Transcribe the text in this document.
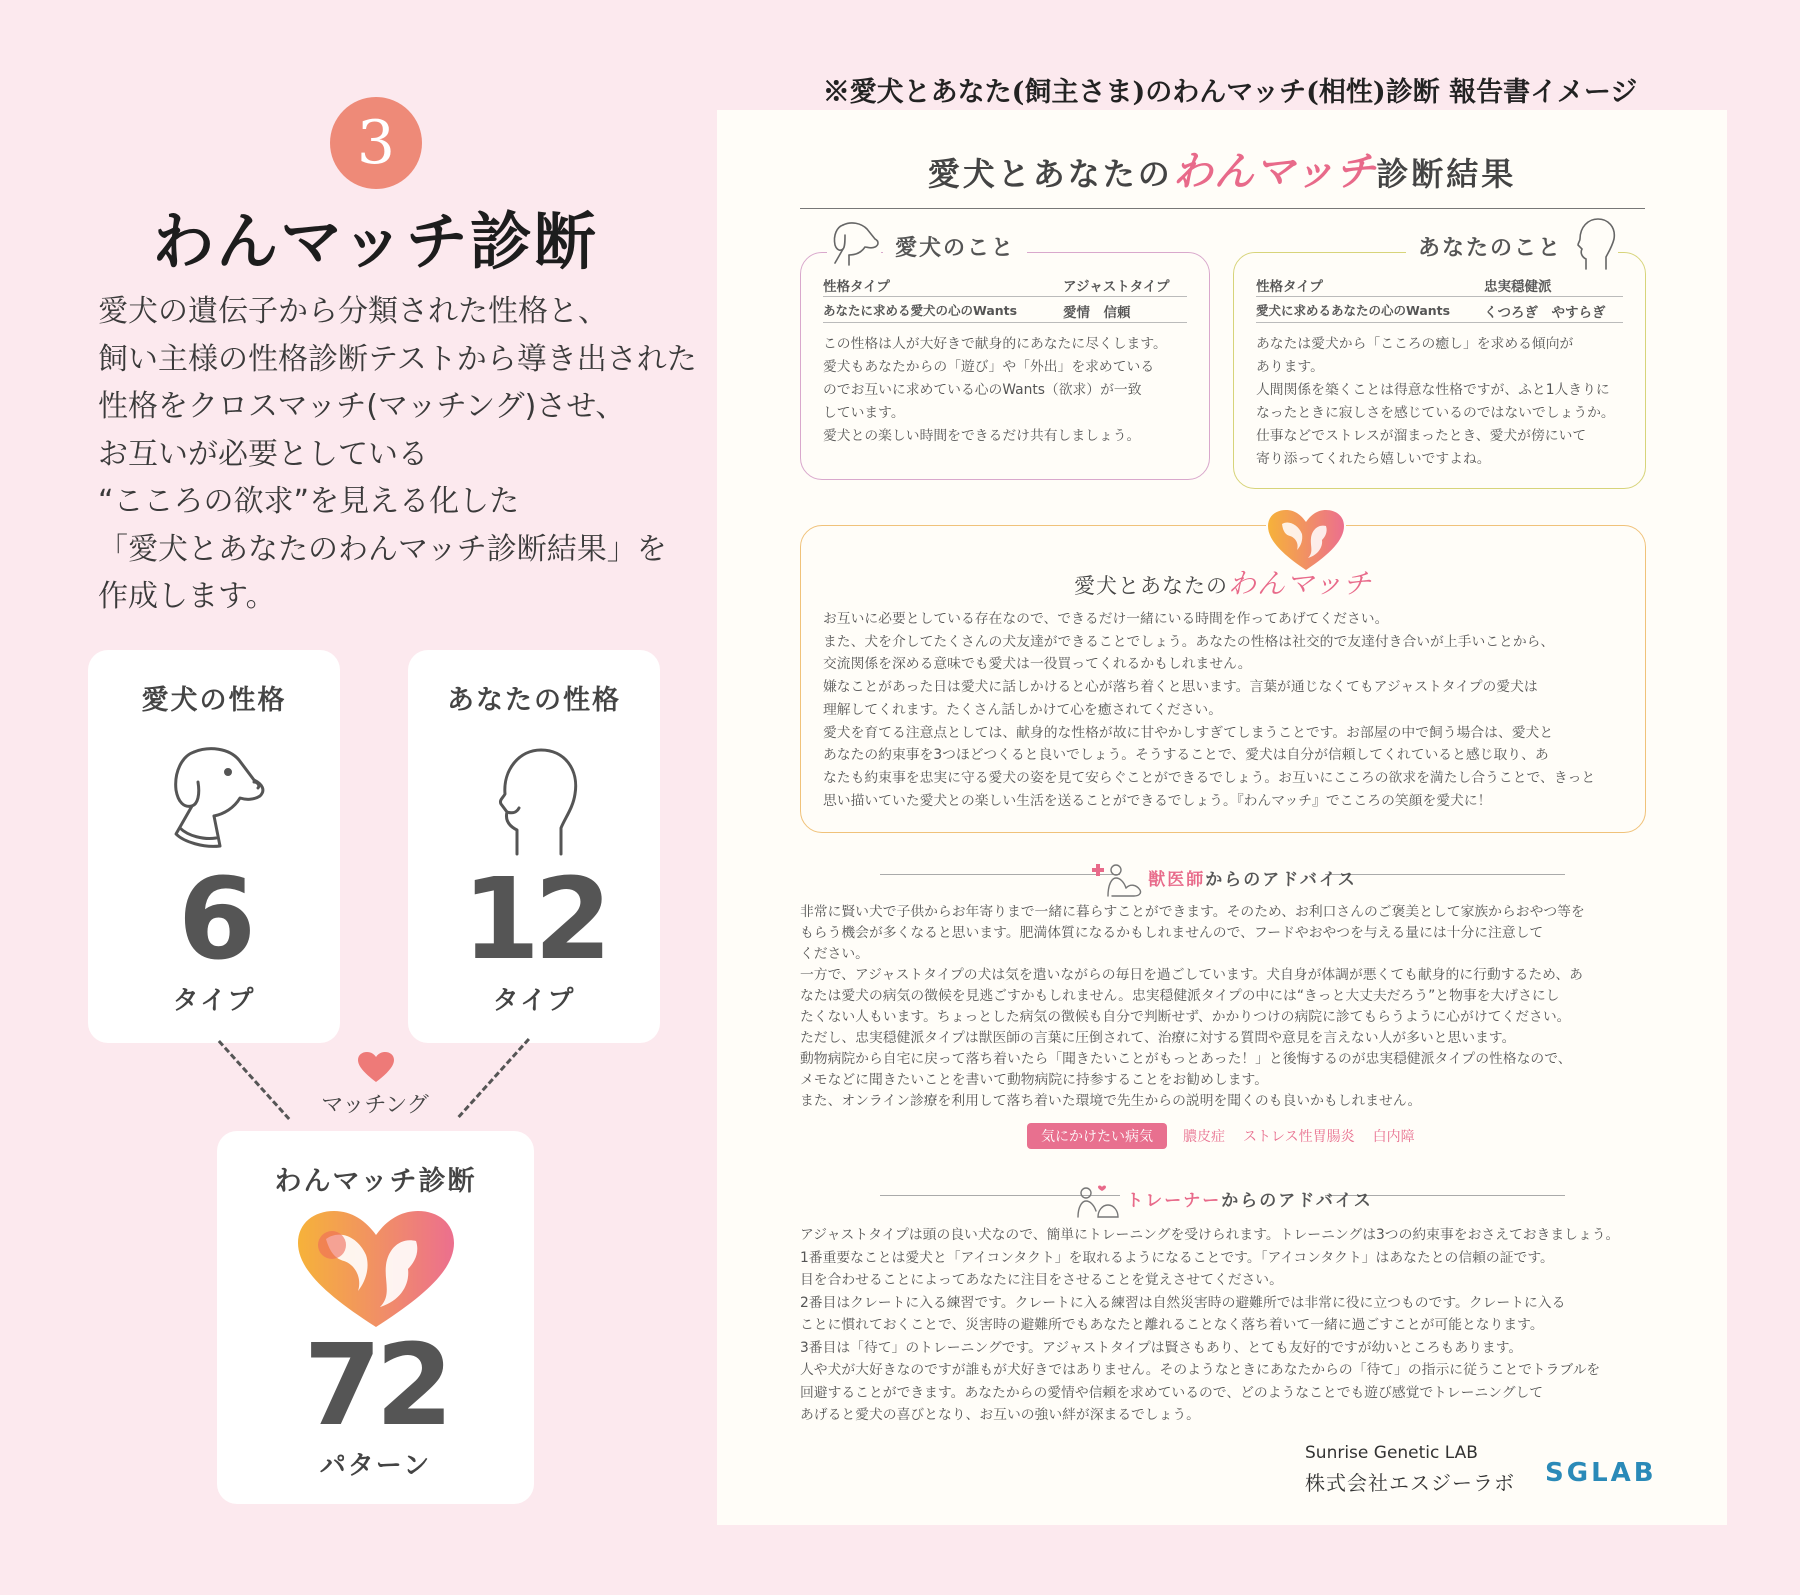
3
わんマッチ診断

愛犬の遺伝子から分類された性格と、

飼い主様の性格診断テストから導き出された

性格をクロスマッチ(マッチング)させ、

お互いが必要としている

“こころの欲求”を見える化した

「愛犬とあなたのわんマッチ診断結果」を

作成します。

愛犬の性格
6
タイプ
あなたの性格
12
タイプ
マッチング
わんマッチ診断
72
パターン
※愛犬とあなた(飼主さま)のわんマッチ(相性)診断 報告書イメージ
愛犬とあなたのわんマッチ診断結果
愛犬のこと
性格タイプ	アジャストタイプ
あなたに求める愛犬の心のWants	愛情　信頼

この性格は人が大好きで献身的にあなたに尽くします。

愛犬もあなたからの「遊び」や「外出」を求めている

のでお互いに求めている心のWants（欲求）が一致

しています。

愛犬との楽しい時間をできるだけ共有しましょう。

あなたのこと
性格タイプ	忠実穏健派
愛犬に求めるあなたの心のWants	くつろぎ　やすらぎ

あなたは愛犬から「こころの癒し」を求める傾向が

あります。

人間関係を築くことは得意な性格ですが、ふと1人きりに

なったときに寂しさを感じているのではないでしょうか。

仕事などでストレスが溜まったとき、愛犬が傍にいて

寄り添ってくれたら嬉しいですよね。

愛犬とあなたのわんマッチ

お互いに必要としている存在なので、できるだけ一緒にいる時間を作ってあげてください。

また、犬を介してたくさんの犬友達ができることでしょう。あなたの性格は社交的で友達付き合いが上手いことから、

交流関係を深める意味でも愛犬は一役買ってくれるかもしれません。

嫌なことがあった日は愛犬に話しかけると心が落ち着くと思います。言葉が通じなくてもアジャストタイプの愛犬は

理解してくれます。たくさん話しかけて心を癒されてください。

愛犬を育てる注意点としては、献身的な性格が故に甘やかしすぎてしまうことです。お部屋の中で飼う場合は、愛犬と

あなたの約束事を3つほどつくると良いでしょう。そうすることで、愛犬は自分が信頼してくれていると感じ取り、あ

なたも約束事を忠実に守る愛犬の姿を見て安らぐことができるでしょう。お互いにこころの欲求を満たし合うことで、きっと

思い描いていた愛犬との楽しい生活を送ることができるでしょう。『わんマッチ』でこころの笑顔を愛犬に！

獣医師からのアドバイス

非常に賢い犬で子供からお年寄りまで一緒に暮らすことができます。そのため、お利口さんのご褒美として家族からおやつ等を

もらう機会が多くなると思います。肥満体質になるかもしれませんので、フードやおやつを与える量には十分に注意して

ください。

一方で、アジャストタイプの犬は気を遣いながらの毎日を過ごしています。犬自身が体調が悪くても献身的に行動するため、あ

なたは愛犬の病気の徴候を見逃ごすかもしれません。忠実穏健派タイプの中には“きっと大丈夫だろう”と物事を大げさにし

たくない人もいます。ちょっとした病気の徴候も自分で判断せず、かかりつけの病院に診てもらうように心がけてください。

ただし、忠実穏健派タイプは獣医師の言葉に圧倒されて、治療に対する質問や意見を言えない人が多いと思います。

動物病院から自宅に戻って落ち着いたら「聞きたいことがもっとあった！」と後悔するのが忠実穏健派タイプの性格なので、

メモなどに聞きたいことを書いて動物病院に持参することをお勧めします。

また、オンライン診療を利用して落ち着いた環境で先生からの説明を聞くのも良いかもしれません。

気にかけたい病気 膿皮症 ストレス性胃腸炎 白内障
トレーナーからのアドバイス

アジャストタイプは頭の良い犬なので、簡単にトレーニングを受けられます。トレーニングは3つの約束事をおさえておきましょう。

1番重要なことは愛犬と「アイコンタクト」を取れるようになることです。「アイコンタクト」はあなたとの信頼の証です。

目を合わせることによってあなたに注目をさせることを覚えさせてください。

2番目はクレートに入る練習です。クレートに入る練習は自然災害時の避難所では非常に役に立つものです。クレートに入る

ことに慣れておくことで、災害時の避難所でもあなたと離れることなく落ち着いて一緒に過ごすことが可能となります。

3番目は「待て」のトレーニングです。アジャストタイプは賢さもあり、とても友好的ですが幼いところもあります。

人や犬が大好きなのですが誰もが犬好きではありません。そのようなときにあなたからの「待て」の指示に従うことでトラブルを

回避することができます。あなたからの愛情や信頼を求めているので、どのようなことでも遊び感覚でトレーニングして

あげると愛犬の喜びとなり、お互いの強い絆が深まるでしょう。

Sunrise Genetic LAB
株式会社エスジーラボ SGLAB
